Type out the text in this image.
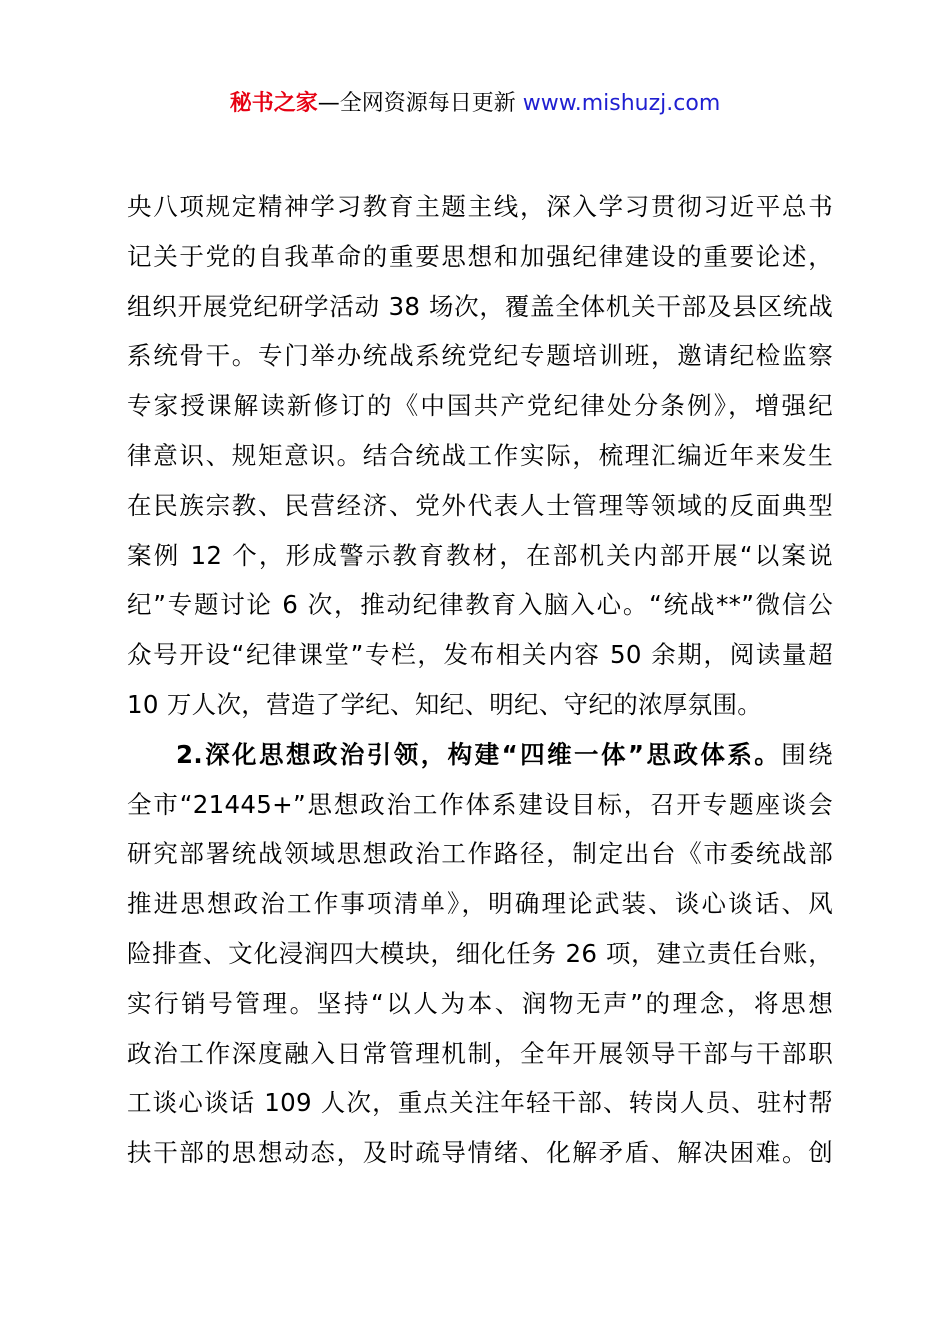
秘书之家—全网资源每日更新 www.mishuzj.com
央八项规定精神学习教育主题主线，深入学习贯彻习近平总书
记关于党的自我革命的重要思想和加强纪律建设的重要论述，
组织开展党纪研学活动 38 场次，覆盖全体机关干部及县区统战
系统骨干。专门举办统战系统党纪专题培训班，邀请纪检监察
专家授课解读新修订的《中国共产党纪律处分条例》，增强纪
律意识、规矩意识。结合统战工作实际，梳理汇编近年来发生
在民族宗教、民营经济、党外代表人士管理等领域的反面典型
案例 12 个，形成警示教育教材，在部机关内部开展“以案说
纪”专题讨论 6 次，推动纪律教育入脑入心。“统战**”微信公
众号开设“纪律课堂”专栏，发布相关内容 50 余期，阅读量超
10 万人次，营造了学纪、知纪、明纪、守纪的浓厚氛围。
2.深化思想政治引领，构建“四维一体”思政体系。围绕
全市“21445+”思想政治工作体系建设目标，召开专题座谈会
研究部署统战领域思想政治工作路径，制定出台《市委统战部
推进思想政治工作事项清单》，明确理论武装、谈心谈话、风
险排查、文化浸润四大模块，细化任务 26 项，建立责任台账，
实行销号管理。坚持“以人为本、润物无声”的理念，将思想
政治工作深度融入日常管理机制，全年开展领导干部与干部职
工谈心谈话 109 人次，重点关注年轻干部、转岗人员、驻村帮
扶干部的思想动态，及时疏导情绪、化解矛盾、解决困难。创
